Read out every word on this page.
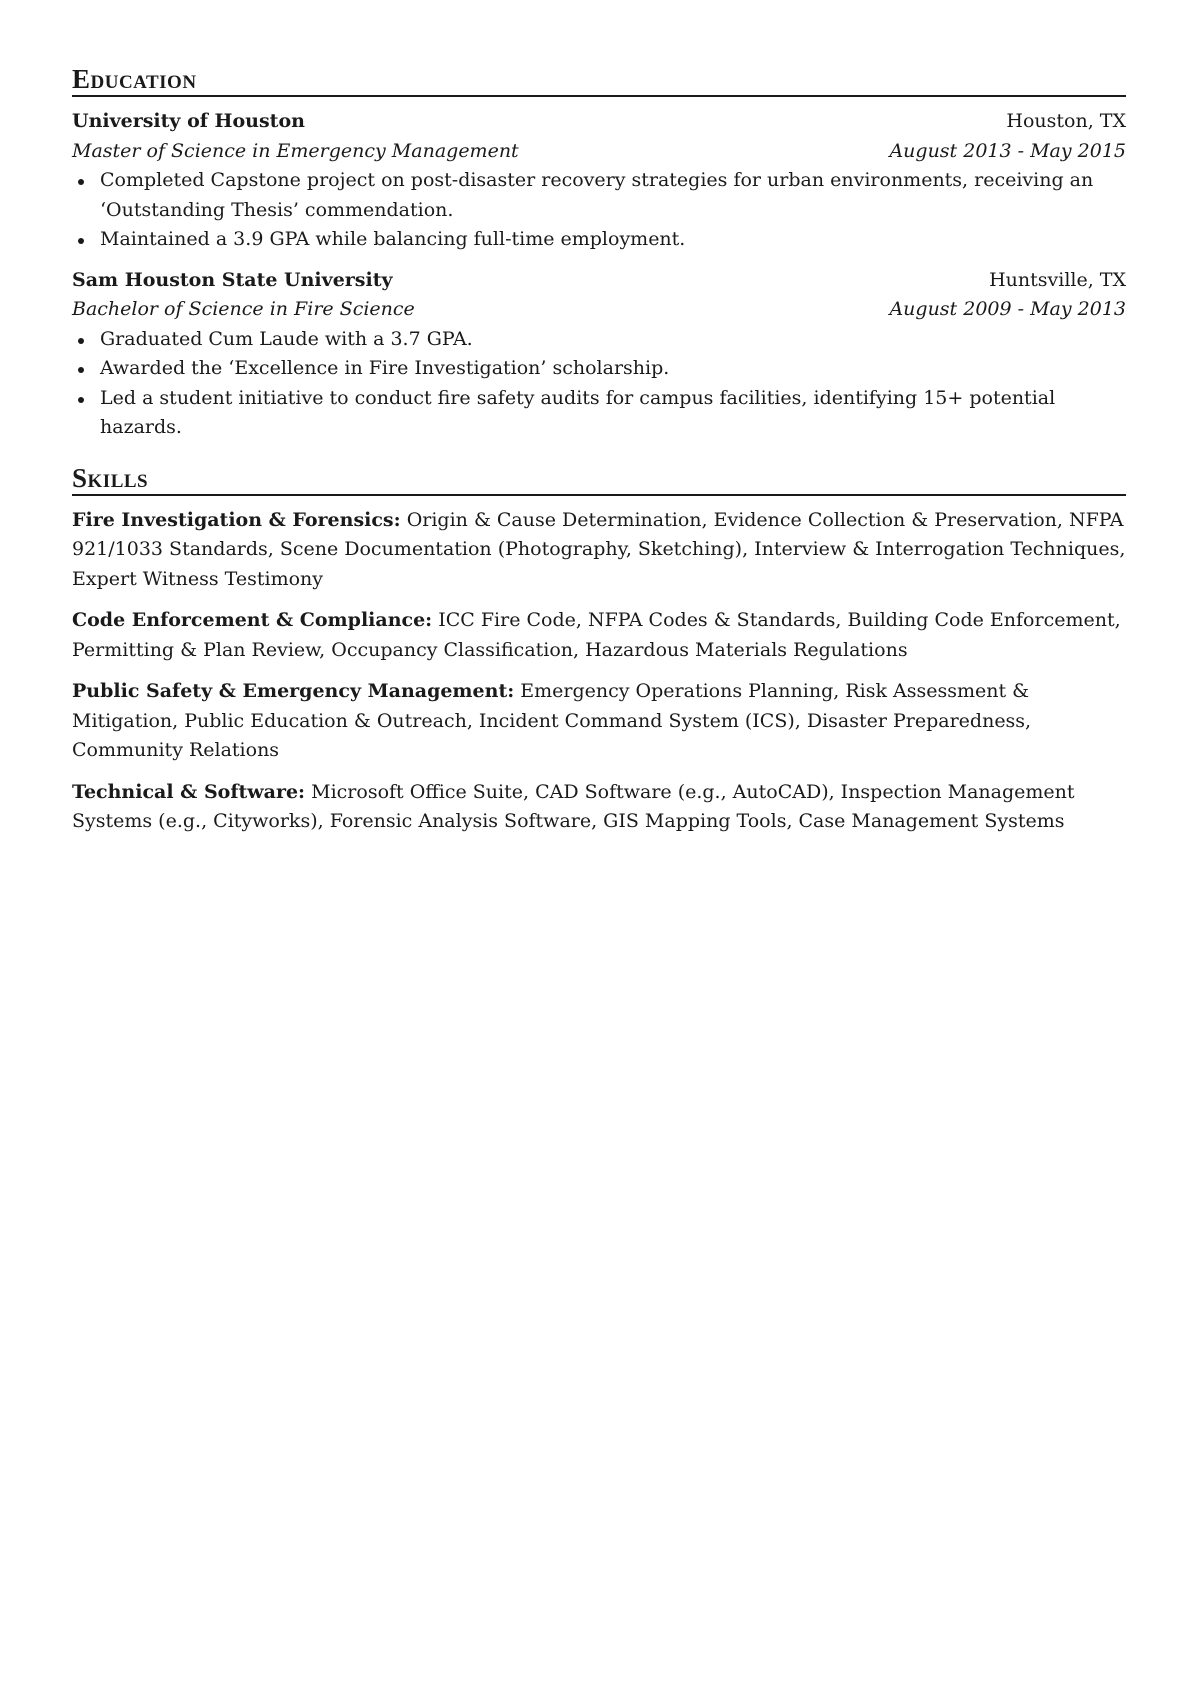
Education
University of Houston	Houston, TX
Master of Science in Emergency Management	August 2013 - May 2015
Completed Capstone project on post-disaster recovery strategies for urban environments, receiving an ‘Outstanding Thesis’ commendation.
Maintained a 3.9 GPA while balancing full-time employment.
Sam Houston State University	Huntsville, TX
Bachelor of Science in Fire Science	August 2009 - May 2013
Graduated Cum Laude with a 3.7 GPA.
Awarded the ‘Excellence in Fire Investigation’ scholarship.
Led a student initiative to conduct fire safety audits for campus facilities, identifying 15+ potential hazards.
Skills

Fire Investigation & Forensics: Origin & Cause Determination, Evidence Collection & Preservation, NFPA 921/1033 Standards, Scene Documentation (Photography, Sketching), Interview & Interrogation Techniques, Expert Witness Testimony

Code Enforcement & Compliance: ICC Fire Code, NFPA Codes & Standards, Building Code Enforcement, Permitting & Plan Review, Occupancy Classification, Hazardous Materials Regulations

Public Safety & Emergency Management: Emergency Operations Planning, Risk Assessment & Mitigation, Public Education & Outreach, Incident Command System (ICS), Disaster Preparedness, Community Relations

Technical & Software: Microsoft Office Suite, CAD Software (e.g., AutoCAD), Inspection Management Systems (e.g., Cityworks), Forensic Analysis Software, GIS Mapping Tools, Case Management Systems
